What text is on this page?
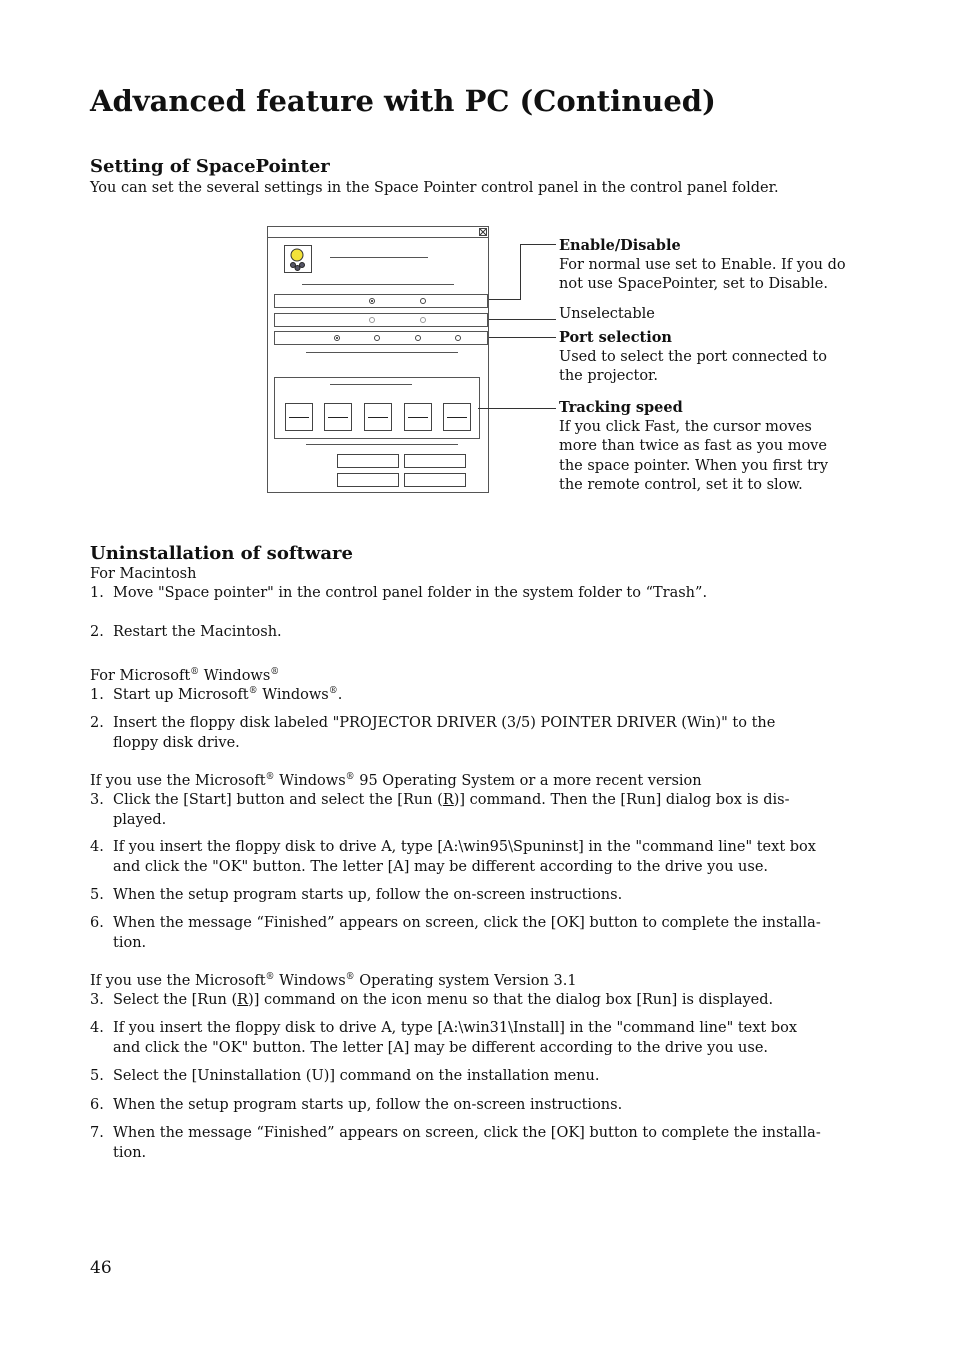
Advanced feature with PC (Continued)
Setting of SpacePointer
You can set the several settings in the Space Pointer control panel in the control panel folder.
Enable/Disable
For normal use set to Enable. If you do
not use SpacePointer, set to Disable.
Unselectable
Port selection
Used to select the port connected to
the projector.
Tracking speed
If you click Fast, the cursor moves
more than twice as fast as you move
the space pointer. When you first try
the remote control, set it to slow.
Uninstallation of software
For Macintosh
1. Move "Space pointer" in the control panel folder in the system folder to “Trash”.
2. Restart the Macintosh.
For Microsoft® Windows®
1. Start up Microsoft® Windows®.
2. Insert the floppy disk labeled "PROJECTOR DRIVER (3/5) POINTER DRIVER (Win)" to the
floppy disk drive.
If you use the Microsoft® Windows® 95 Operating System or a more recent version
3. Click the [Start] button and select the [Run (R)] command. Then the [Run] dialog box is dis-
played.
4. If you insert the floppy disk to drive A, type [A:\win95\Spuninst] in the "command line" text box
and click the "OK" button. The letter [A] may be different according to the drive you use.
5. When the setup program starts up, follow the on-screen instructions.
6. When the message “Finished” appears on screen, click the [OK] button to complete the installa-
tion.
If you use the Microsoft® Windows® Operating system Version 3.1
3. Select the [Run (R)] command on the icon menu so that the dialog box [Run] is displayed.
4. If you insert the floppy disk to drive A, type [A:\win31\Install] in the "command line" text box
and click the "OK" button. The letter [A] may be different according to the drive you use.
5. Select the [Uninstallation (U)] command on the installation menu.
6. When the setup program starts up, follow the on-screen instructions.
7. When the message “Finished” appears on screen, click the [OK] button to complete the installa-
tion.
46
